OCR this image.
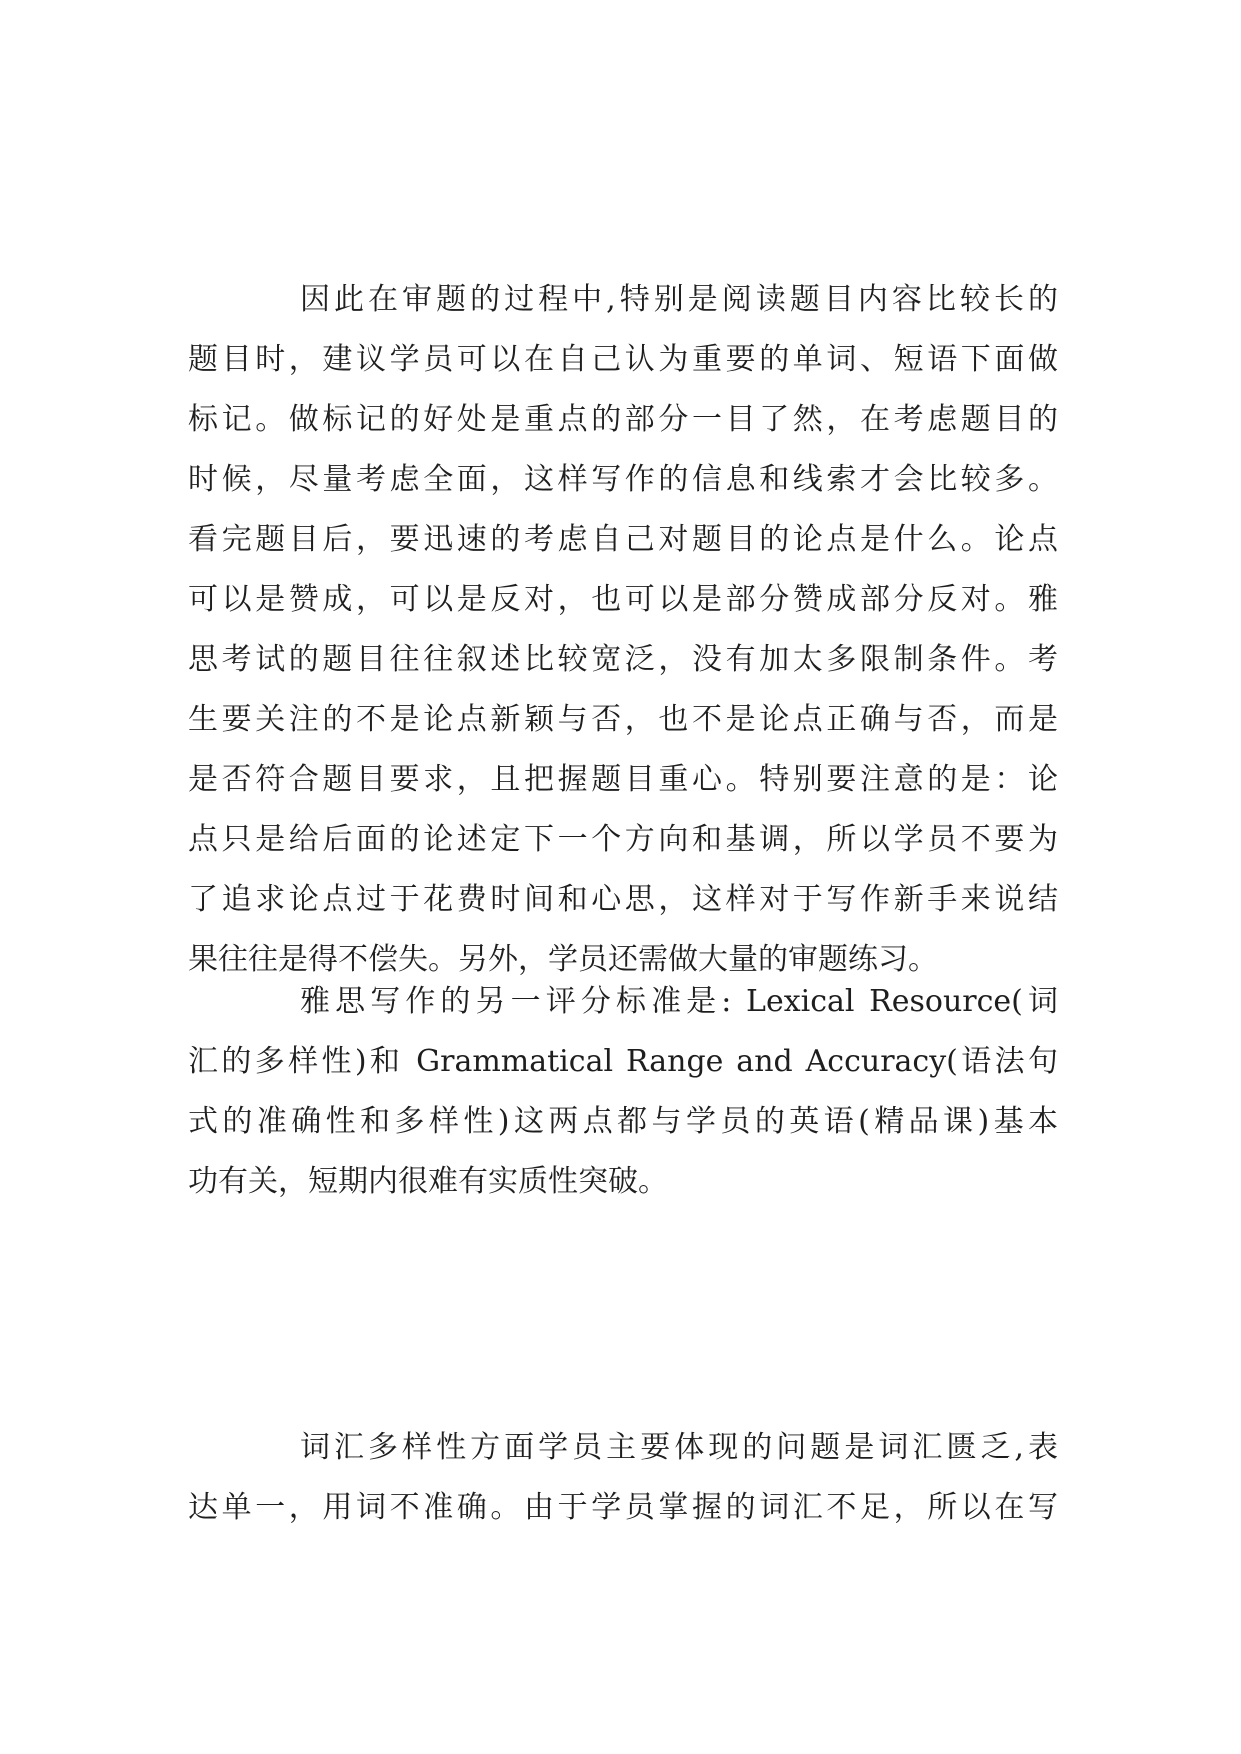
因此在审题的过程中,特别是阅读题目内容比较长的
题目时，建议学员可以在自己认为重要的单词、短语下面做
标记。做标记的好处是重点的部分一目了然，在考虑题目的
时候，尽量考虑全面，这样写作的信息和线索才会比较多。
看完题目后，要迅速的考虑自己对题目的论点是什么。论点
可以是赞成，可以是反对，也可以是部分赞成部分反对。雅
思考试的题目往往叙述比较宽泛，没有加太多限制条件。考
生要关注的不是论点新颖与否，也不是论点正确与否，而是
是否符合题目要求，且把握题目重心。特别要注意的是：论
点只是给后面的论述定下一个方向和基调，所以学员不要为
了追求论点过于花费时间和心思，这样对于写作新手来说结
果往往是得不偿失。另外，学员还需做大量的审题练习。
雅思写作的另一评分标准是: Lexical Resource(词
汇的多样性)和 Grammatical Range and Accuracy(语法句
式的准确性和多样性)这两点都与学员的英语(精品课)基本
功有关，短期内很难有实质性突破。
词汇多样性方面学员主要体现的问题是词汇匮乏,表
达单一，用词不准确。由于学员掌握的词汇不足，所以在写
